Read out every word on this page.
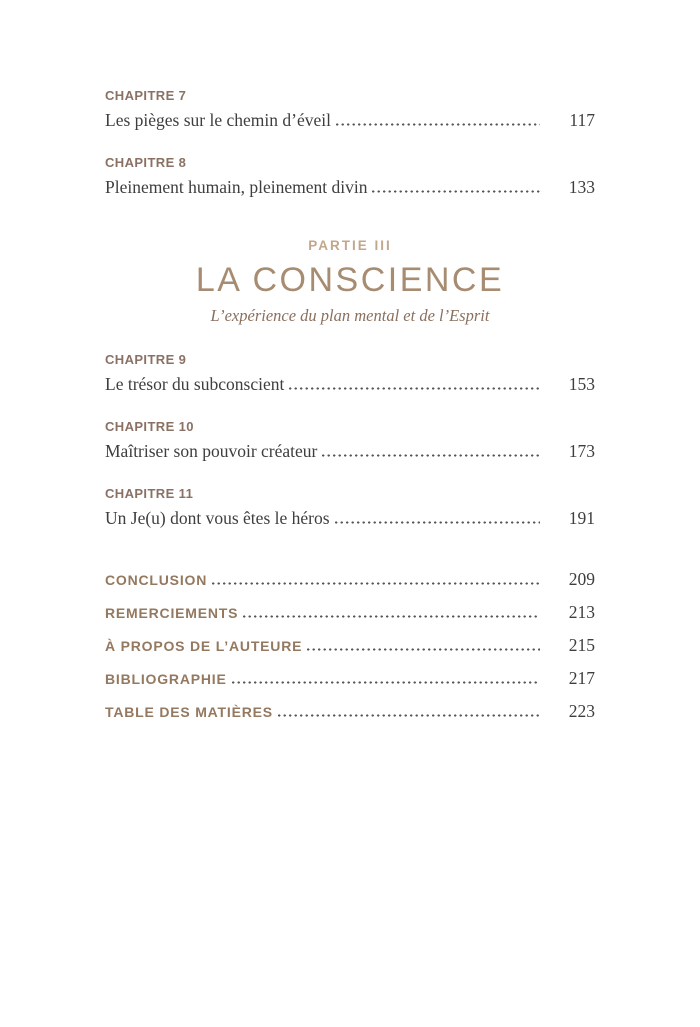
CHAPITRE 7
Les pièges sur le chemin d’éveil	117
CHAPITRE 8
Pleinement humain, pleinement divin	133
PARTIE III
LA CONSCIENCE
L’expérience du plan mental et de l’Esprit
CHAPITRE 9
Le trésor du subconscient	153
CHAPITRE 10
Maîtriser son pouvoir créateur	173
CHAPITRE 11
Un Je(u) dont vous êtes le héros	191
CONCLUSION	209
REMERCIEMENTS	213
À PROPOS DE L’AUTEURE	215
BIBLIOGRAPHIE	217
TABLE DES MATIÈRES	223
